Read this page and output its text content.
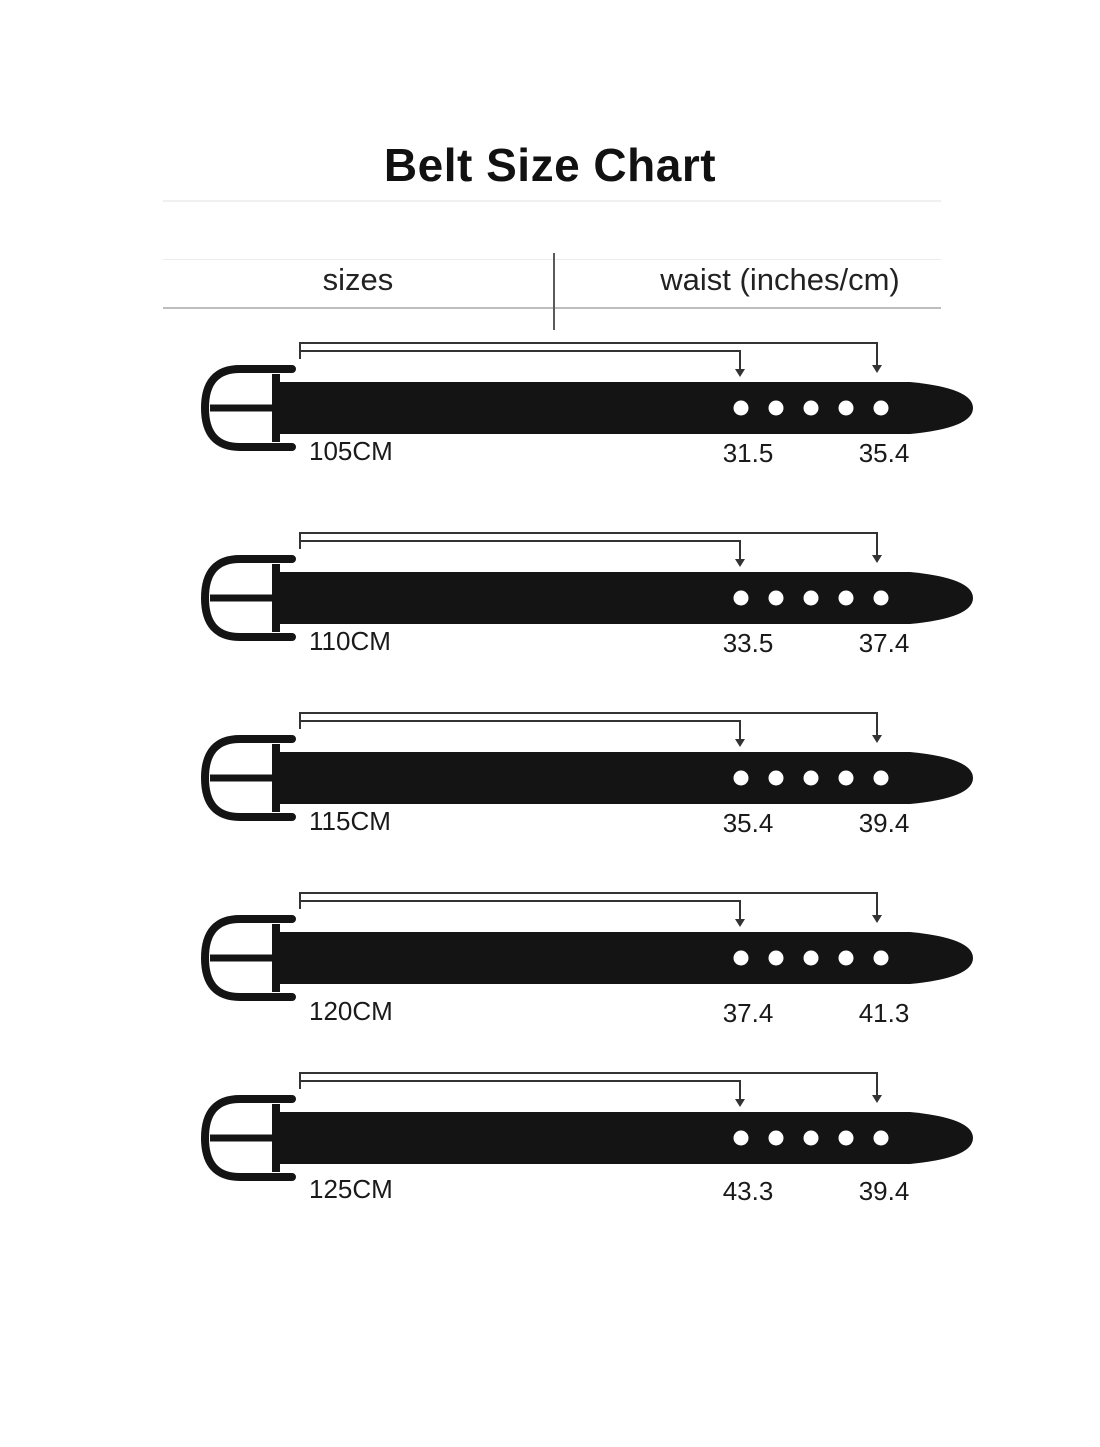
Belt Size Chart
sizes	waist (inches/cm)
105CM	31.5	35.4
110CM	33.5	37.4
115CM	35.4	39.4
120CM	37.4	41.3
125CM	43.3	39.4
